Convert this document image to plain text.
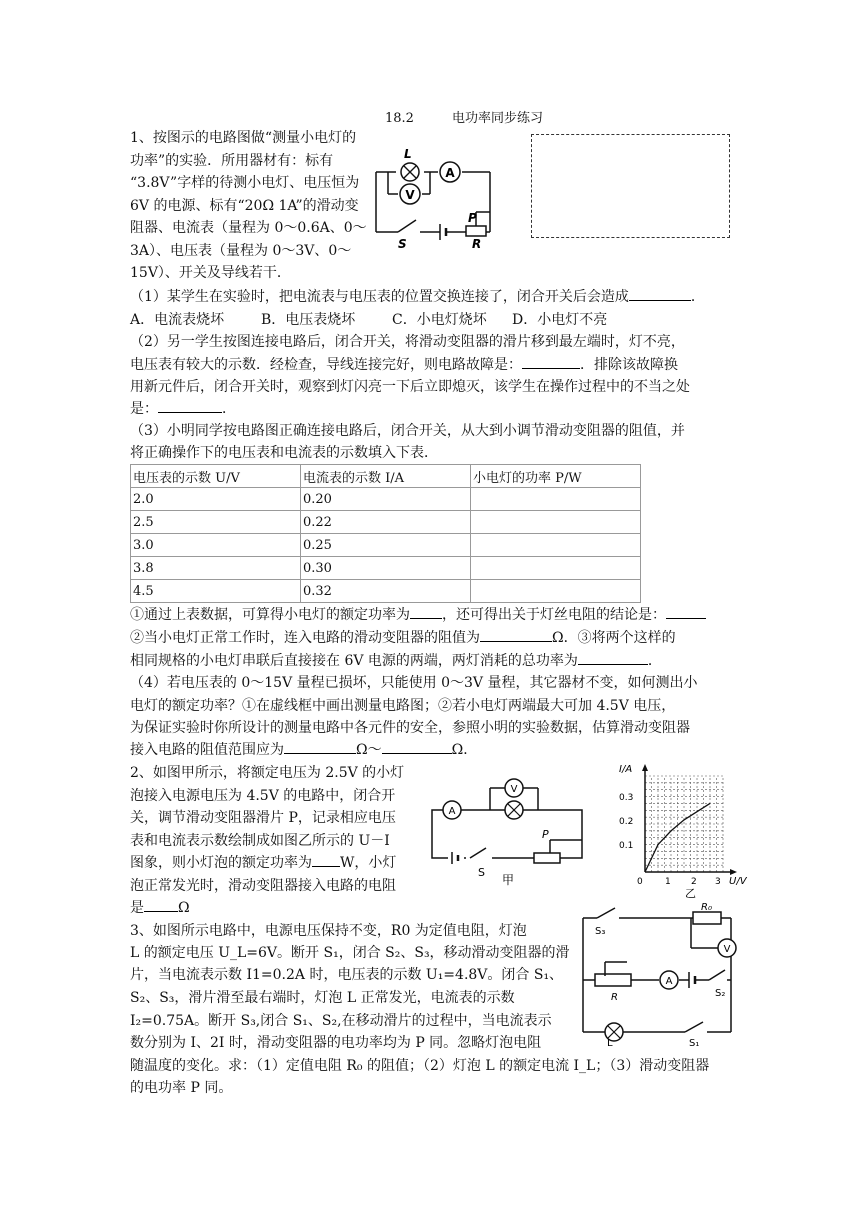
18.2	电功率同步练习
1、按图示的电路图做“测量小电灯的
功率”的实验．所用器材有：标有
“3.8V”字样的待测小电灯、电压恒为
6V 的电源、标有“20Ω 1A”的滑动变
阻器、电流表（量程为 0～0.6A、0～
3A）、电压表（量程为 0～3V、0～
15V）、开关及导线若干．
A
V
L
S
P
R
（1）某学生在实验时，把电流表与电压表的位置交换连接了，闭合开关后会造成	．
A．电流表烧坏	B．电压表烧坏	C．小电灯烧坏 D．小电灯不亮
（2）另一学生按图连接电路后，闭合开关，将滑动变阻器的滑片移到最左端时，灯不亮，
电压表有较大的示数．经检查，导线连接完好，则电路故障是：	．排除该故障换
用新元件后，闭合开关时，观察到灯闪亮一下后立即熄灭，该学生在操作过程中的不当之处
是：	．
（3）小明同学按电路图正确连接电路后，闭合开关，从大到小调节滑动变阻器的阻值，并
将正确操作下的电压表和电流表的示数填入下表．
电压表的示数 U/V	电流表的示数 I/A	小电灯的功率 P/W
2.0	0.20	
2.5	0.22	
3.0	0.25	
3.8	0.30	
4.5	0.32	
①通过上表数据，可算得小电灯的额定功率为 ，还可得出关于灯丝电阻的结论是：
②当小电灯正常工作时，连入电路的滑动变阻器的阻值为	Ω．③将两个这样的
相同规格的小电灯串联后直接接在 6V 电源的两端，两灯消耗的总功率为	．
（4）若电压表的 0～15V 量程已损坏，只能使用 0～3V 量程，其它器材不变，如何测出小
电灯的额定功率？①在虚线框中画出测量电路图；②若小电灯两端最大可加 4.5V 电压，
为保证实验时你所设计的测量电路中各元件的安全，参照小明的实验数据，估算滑动变阻器
接入电路的阻值范围应为	Ω～	Ω．
2、如图甲所示，将额定电压为 2.5V 的小灯
泡接入电源电压为 4.5V 的电路中，闭合开
关，调节滑动变阻器滑片 P，记录相应电压
表和电流表示数绘制成如图乙所示的 U－I
图象，则小灯泡的额定功率为 W，小灯
泡正常发光时，滑动变阻器接入电路的电阻
是 Ω
A
V
P
S
甲
I/A
0.3
0.2
0.1
0 1 2 3 U/V
乙
3、如图所示电路中，电源电压保持不变，R0 为定值电阻，灯泡
L 的额定电压 U_L=6V。断开 S₁，闭合 S₂、S₃，移动滑动变阻器的滑
片，当电流表示数 I1=0.2A 时，电压表的示数 U₁=4.8V。闭合 S₁、
S₂、S₃，滑片滑至最右端时，灯泡 L 正常发光，电流表的示数
I₂=0.75A。断开 S₃,闭合 S₁、S₂,在移动滑片的过程中，当电流表示
数分别为 I、2I 时，滑动变阻器的电功率均为 P 同。忽略灯泡电阻
随温度的变化。求：（1）定值电阻 R₀ 的阻值；（2）灯泡 L 的额定电流 I_L；（3）滑动变阻器
的电功率 P 同。
V
A
S₃
R₀
R	S₂
L	S₁
